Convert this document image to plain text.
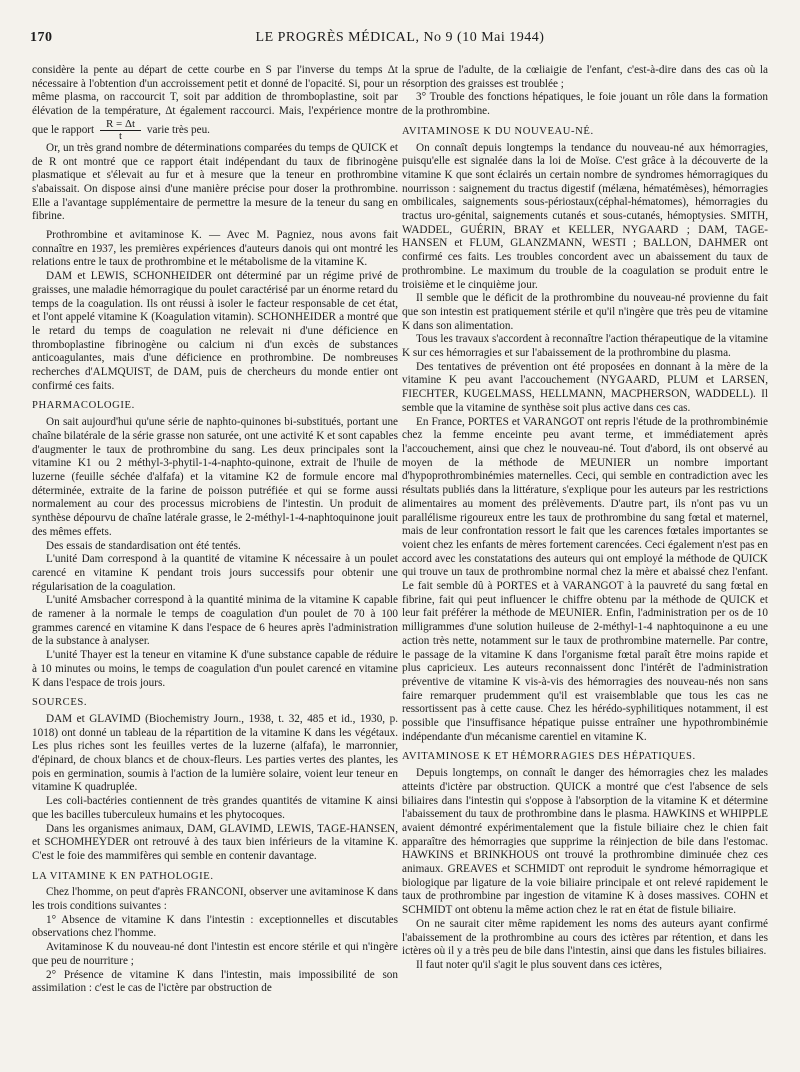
170	LE PROGRÈS MÉDICAL, No 9 (10 Mai 1944)

considère la pente au départ de cette courbe en S par l'inverse du temps Δt nécessaire à l'obtention d'un accroissement petit et donné de l'opacité. Si, pour un même plasma, on raccourcit T, soit par addition de thromboplastine, soit par élévation de la température, Δt également raccourci. Mais, l'expérience montre que le rapport $\frac{R = \Delta t}{t}$ varie très peu.

Or, un très grand nombre de déterminations comparées du temps de QUICK et de R ont montré que ce rapport était indépendant du taux de fibrinogène plasmatique et s'élevait au fur et à mesure que la teneur en prothrombine s'abaissait. On dispose ainsi d'une manière précise pour doser la prothrombine. Elle a l'avantage supplémentaire de permettre la mesure de la teneur du sang en fibrine.

Prothrombine et avitaminose K. — Avec M. Pagniez, nous avons fait connaître en 1937, les premières expériences d'auteurs danois qui ont montré les relations entre le taux de prothrombine et le métabolisme de la vitamine K.

DAM et LEWIS, SCHONHEIDER ont déterminé par un régime privé de graisses, une maladie hémorragique du poulet caractérisé par un énorme retard du temps de la coagulation. Ils ont réussi à isoler le facteur responsable de cet état, et l'ont appelé vitamine K (Koagulation vitamin). SCHONHEIDER a montré que le retard du temps de coagulation ne relevait ni d'une déficience en thromboplastine fibrinogène ou calcium ni d'un excès de substances anticoagulantes, mais d'une déficience en prothrombine. De nombreuses recherches d'ALMQUIST, de DAM, puis de chercheurs du monde entier ont confirmé ces faits.

PHARMACOLOGIE.

On sait aujourd'hui qu'une série de naphto-quinones bi-substitués, portant une chaîne bilatérale de la série grasse non saturée, ont une activité K et sont capables d'augmenter le taux de prothrombine du sang. Les deux principales sont la vitamine K1 ou 2 méthyl-3-phytil-1-4-naphto-quinone, extrait de l'huile de luzerne (feuille séchée d'alfafa) et la vitamine K2 de formule encore mal déterminée, extraite de la farine de poisson putréfiée et qui se forme aussi normalement au cour des processus microbiens de l'intestin. Un produit de synthèse dépourvu de chaîne latérale grasse, le 2-méthyl-1-4-naphtoquinone jouit des mêmes effets.

Des essais de standardisation ont été tentés.

L'unité Dam correspond à la quantité de vitamine K nécessaire à un poulet carencé en vitamine K pendant trois jours successifs pour obtenir une régularisation de la coagulation.

L'unité Amsbacher correspond à la quantité minima de la vitamine K capable de ramener à la normale le temps de coagulation d'un poulet de 70 à 100 grammes carencé en vitamine K dans l'espace de 6 heures après l'administration de la substance à analyser.

L'unité Thayer est la teneur en vitamine K d'une substance capable de réduire à 10 minutes ou moins, le temps de coagulation d'un poulet carencé en vitamine K dans l'espace de trois jours.

SOURCES.

DAM et GLAVIMD (Biochemistry Journ., 1938, t. 32, 485 et id., 1930, p. 1018) ont donné un tableau de la répartition de la vitamine K dans les végétaux. Les plus riches sont les feuilles vertes de la luzerne (alfafa), le marronnier, d'épinard, de choux blancs et de choux-fleurs. Les parties vertes des plantes, les pois en germination, soumis à l'action de la lumière solaire, voient leur teneur en vitamine K quadruplée.

Les coli-bactéries contiennent de très grandes quantités de vitamine K ainsi que les bacilles tuberculeux humains et les phytocoques.

Dans les organismes animaux, DAM, GLAVIMD, LEWIS, TAGE-HANSEN, et SCHOMHEYDER ont retrouvé à des taux bien inférieurs de la vitamine K. C'est le foie des mammifères qui semble en contenir davantage.

LA VITAMINE K EN PATHOLOGIE.

Chez l'homme, on peut d'après FRANCONI, observer une avitaminose K dans les trois conditions suivantes :

1° Absence de vitamine K dans l'intestin : exceptionnelles et discutables observations chez l'homme.

Avitaminose K du nouveau-né dont l'intestin est encore stérile et qui n'ingère que peu de nourriture ;

2° Présence de vitamine K dans l'intestin, mais impossibilité de son assimilation : c'est le cas de l'ictère par obstruction de

la sprue de l'adulte, de la cœliaigie de l'enfant, c'est-à-dire dans des cas où la résorption des graisses est troublée ;

3° Trouble des fonctions hépatiques, le foie jouant un rôle dans la formation de la prothrombine.

AVITAMINOSE K DU NOUVEAU-NÉ.

On connaît depuis longtemps la tendance du nouveau-né aux hémorragies, puisqu'elle est signalée dans la loi de Moïse. C'est grâce à la découverte de la vitamine K que sont éclairés un certain nombre de syndromes hémorragiques du nourrisson : saignement du tractus digestif (mélæna, hématémèses), hémorragies ombilicales, saignements sous-périostaux(céphal-hématomes), hémorragies du tractus uro-génital, saignements cutanés et sous-cutanés, hémoptysies. SMITH, WADDEL, GUÉRIN, BRAY et KELLER, NYGAARD ; DAM, TAGE-HANSEN et FLUM, GLANZMANN, WESTI ; BALLON, DAHMER ont confirmé ces faits. Les troubles concordent avec un abaissement du taux de prothrombine. Le maximum du trouble de la coagulation se produit entre le troisième et le cinquième jour.

Il semble que le déficit de la prothrombine du nouveau-né provienne du fait que son intestin est pratiquement stérile et qu'il n'ingère que très peu de vitamine K dans son alimentation.

Tous les travaux s'accordent à reconnaître l'action thérapeutique de la vitamine K sur ces hémorragies et sur l'abaissement de la prothrombine du plasma.

Des tentatives de prévention ont été proposées en donnant à la mère de la vitamine K peu avant l'accouchement (NYGAARD, PLUM et LARSEN, FIECHTER, KUGELMASS, HELLMANN, MACPHERSON, WADDELL). Il semble que la vitamine de synthèse soit plus active dans ces cas.

En France, PORTES et VARANGOT ont repris l'étude de la prothrombinémie chez la femme enceinte peu avant terme, et immédiatement après l'accouchement, ainsi que chez le nouveau-né. Tout d'abord, ils ont observé au moyen de la méthode de MEUNIER un nombre important d'hypoprothrombinémies maternelles. Ceci, qui semble en contradiction avec les résultats publiés dans la littérature, s'explique pour les auteurs par les restrictions alimentaires au moment des prélèvements. D'autre part, ils n'ont pas vu un parallélisme rigoureux entre les taux de prothrombine du sang fœtal et maternel, mais de leur confrontation ressort le fait que les carences fœtales importantes se voient chez les enfants de mères fortement carencées. Ceci également n'est pas en accord avec les constatations des auteurs qui ont employé la méthode de QUICK qui trouve un taux de prothrombine normal chez la mère et abaissé chez l'enfant. Le fait semble dû à PORTES et à VARANGOT à la pauvreté du sang fœtal en fibrine, fait qui peut influencer le chiffre obtenu par la méthode de QUICK et leur fait préférer la méthode de MEUNIER. Enfin, l'administration per os de 10 milligrammes d'une solution huileuse de 2-méthyl-1-4 naphtoquinone a eu une action très nette, notamment sur le taux de prothrombine maternelle. Par contre, le passage de la vitamine K dans l'organisme fœtal paraît être moins rapide et plus capricieux. Les auteurs reconnaissent donc l'intérêt de l'administration préventive de vitamine K vis-à-vis des hémorragies des nouveau-nés non sans faire remarquer prudemment qu'il est vraisemblable que tous les cas ne ressortissent pas à cette cause. Chez les hérédo-syphilitiques notamment, il est possible que l'insuffisance hépatique puisse entraîner une hypothrombinémie indépendante d'un mécanisme carentiel en vitamine K.

AVITAMINOSE K ET HÉMORRAGIES DES HÉPATIQUES.

Depuis longtemps, on connaît le danger des hémorragies chez les malades atteints d'ictère par obstruction. QUICK a montré que c'est l'absence de sels biliaires dans l'intestin qui s'oppose à l'absorption de la vitamine K et détermine l'abaissement du taux de prothrombine dans le plasma. HAWKINS et WHIPPLE avaient démontré expérimentalement que la fistule biliaire chez le chien fait apparaître des hémorragies que supprime la réinjection de bile dans l'estomac. HAWKINS et BRINKHOUS ont trouvé la prothrombine diminuée chez ces animaux. GREAVES et SCHMIDT ont reproduit le syndrome hémorragique et biologique par ligature de la voie biliaire principale et ont relevé rapidement le taux de prothrombine par ingestion de vitamine K à doses massives. COHN et SCHMIDT ont obtenu la même action chez le rat en état de fistule biliaire.

On ne saurait citer même rapidement les noms des auteurs ayant confirmé l'abaissement de la prothrombine au cours des ictères par rétention, et dans les ictères où il y a très peu de bile dans l'intestin, ainsi que dans les fistules biliaires.

Il faut noter qu'il s'agit le plus souvent dans ces ictères,
